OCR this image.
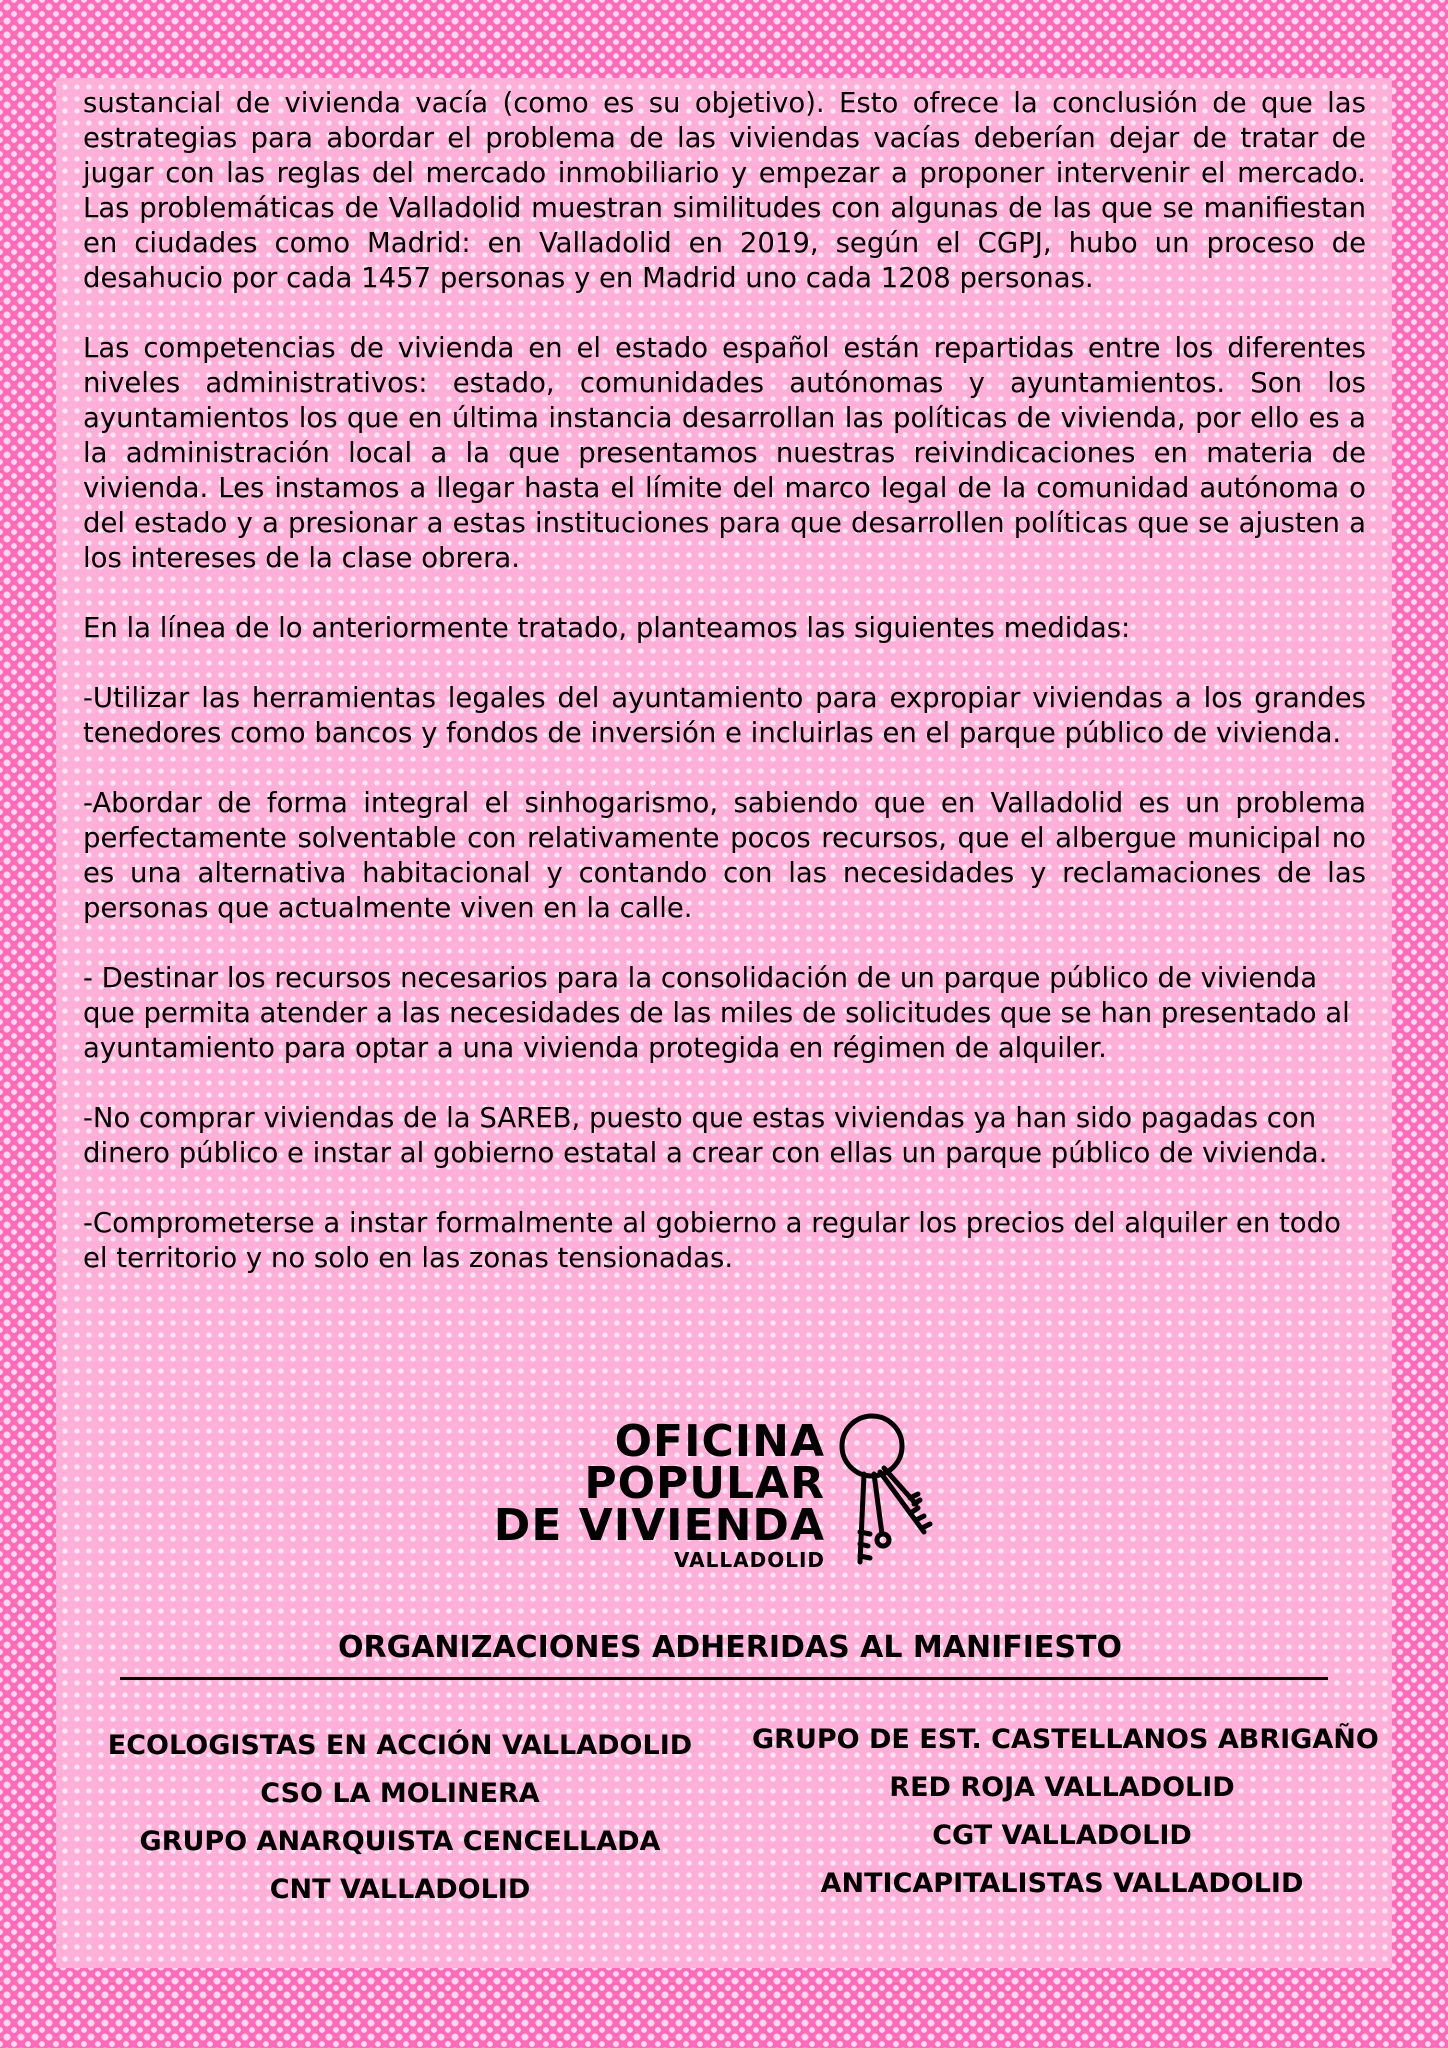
sustancial de vivienda vacía (como es su objetivo). Esto ofrece la conclusión de que las estrategias para abordar el problema de las viviendas vacías deberían dejar de tratar de jugar con las reglas del mercado inmobiliario y empezar a proponer intervenir el mercado. Las problemáticas de Valladolid muestran similitudes con algunas de las que se manifiestan en ciudades como Madrid: en Valladolid en 2019, según el CGPJ, hubo un proceso de desahucio por cada 1457 personas y en Madrid uno cada 1208 personas.

Las competencias de vivienda en el estado español están repartidas entre los diferentes niveles administrativos: estado, comunidades autónomas y ayuntamientos. Son los ayuntamientos los que en última instancia desarrollan las políticas de vivienda, por ello es a la administración local a la que presentamos nuestras reivindicaciones en materia de vivienda. Les instamos a llegar hasta el límite del marco legal de la comunidad autónoma o del estado y a presionar a estas instituciones para que desarrollen políticas que se ajusten a los intereses de la clase obrera.

En la línea de lo anteriormente tratado, planteamos las siguientes medidas:

-Utilizar las herramientas legales del ayuntamiento para expropiar viviendas a los grandes tenedores como bancos y fondos de inversión e incluirlas en el parque público de vivienda.

-Abordar de forma integral el sinhogarismo, sabiendo que en Valladolid es un problema perfectamente solventable con relativamente pocos recursos, que el albergue municipal no es una alternativa habitacional y contando con las necesidades y reclamaciones de las personas que actualmente viven en la calle.

- Destinar los recursos necesarios para la consolidación de un parque público de vivienda que permita atender a las necesidades de las miles de solicitudes que se han presentado al ayuntamiento para optar a una vivienda protegida en régimen de alquiler.

-No comprar viviendas de la SAREB, puesto que estas viviendas ya han sido pagadas con dinero público e instar al gobierno estatal a crear con ellas un parque público de vivienda.

-Comprometerse a instar formalmente al gobierno a regular los precios del alquiler en todo el territorio y no solo en las zonas tensionadas.

OFICINA
POPULAR
DE VIVIENDA
VALLADOLID
ORGANIZACIONES ADHERIDAS AL MANIFIESTO
ECOLOGISTAS EN ACCIÓN VALLADOLID
CSO LA MOLINERA
GRUPO ANARQUISTA CENCELLADA
CNT VALLADOLID
GRUPO DE EST. CASTELLANOS ABRIGAÑO
RED ROJA VALLADOLID
CGT VALLADOLID
ANTICAPITALISTAS VALLADOLID
